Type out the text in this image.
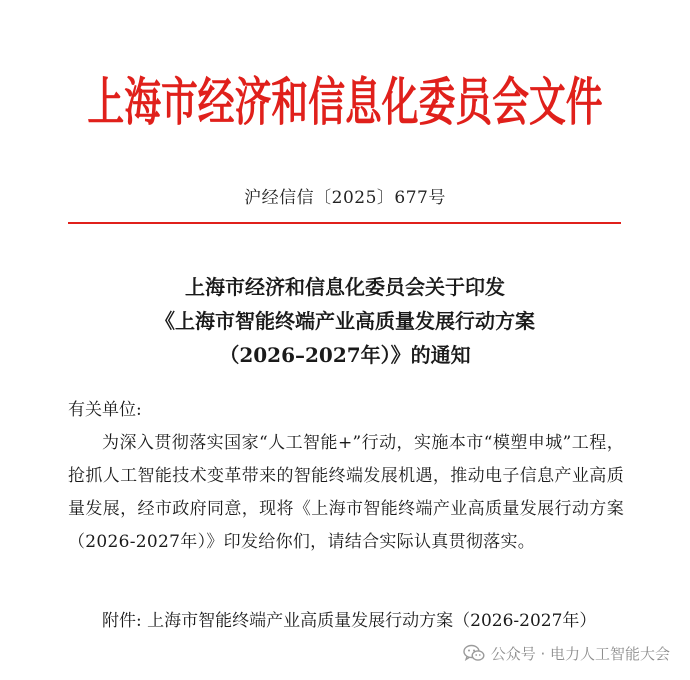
上海市经济和信息化委员会文件
沪经信信〔2025〕677号
上海市经济和信息化委员会关于印发
《上海市智能终端产业高质量发展行动方案
（2026–2027年）》的通知

有关单位:

为深入贯彻落实国家“人工智能+”行动，实施本市“模塑申城”工程，抢抓人工智能技术变革带来的智能终端发展机遇，推动电子信息产业高质量发展，经市政府同意，现将《上海市智能终端产业高质量发展行动方案（2026-2027年）》印发给你们，请结合实际认真贯彻落实。

附件: 上海市智能终端产业高质量发展行动方案（2026-2027年）
公众号 · 电力人工智能大会
